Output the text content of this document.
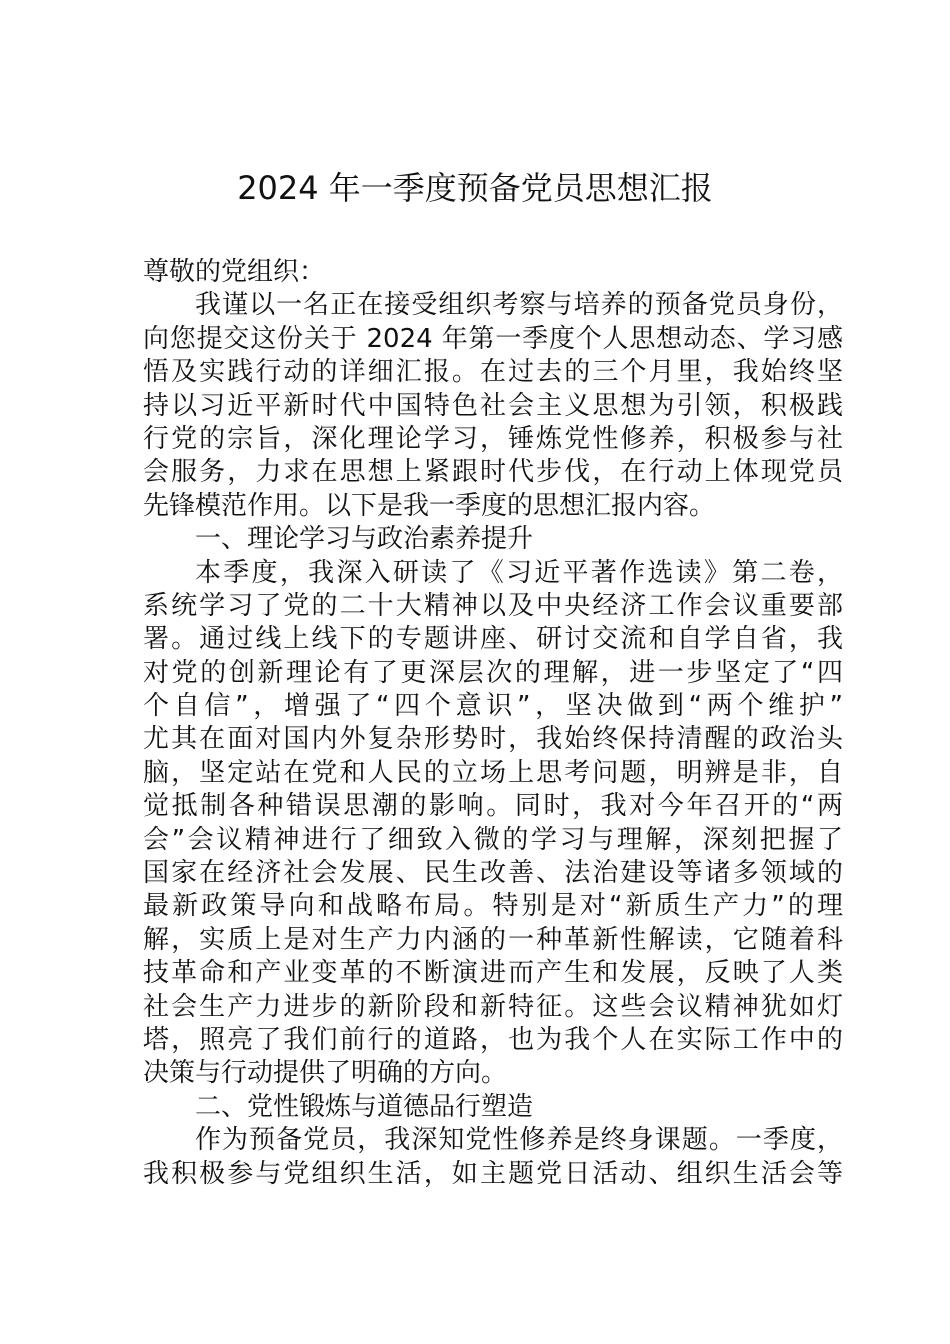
2024 年一季度预备党员思想汇报
尊敬的党组织：
我谨以一名正在接受组织考察与培养的预备党员身份，
向您提交这份关于 2024 年第一季度个人思想动态、学习感
悟及实践行动的详细汇报。在过去的三个月里，我始终坚
持以习近平新时代中国特色社会主义思想为引领，积极践
行党的宗旨，深化理论学习，锤炼党性修养，积极参与社
会服务，力求在思想上紧跟时代步伐，在行动上体现党员
先锋模范作用。以下是我一季度的思想汇报内容。
一、理论学习与政治素养提升
本季度，我深入研读了《习近平著作选读》第二卷，
系统学习了党的二十大精神以及中央经济工作会议重要部
署。通过线上线下的专题讲座、研讨交流和自学自省，我
对党的创新理论有了更深层次的理解，进一步坚定了“四
个自信”，增强了“四个意识”，坚决做到“两个维护”
尤其在面对国内外复杂形势时，我始终保持清醒的政治头
脑，坚定站在党和人民的立场上思考问题，明辨是非，自
觉抵制各种错误思潮的影响。同时，我对今年召开的“两
会”会议精神进行了细致入微的学习与理解，深刻把握了
国家在经济社会发展、民生改善、法治建设等诸多领域的
最新政策导向和战略布局。特别是对“新质生产力”的理
解，实质上是对生产力内涵的一种革新性解读，它随着科
技革命和产业变革的不断演进而产生和发展，反映了人类
社会生产力进步的新阶段和新特征。这些会议精神犹如灯
塔，照亮了我们前行的道路，也为我个人在实际工作中的
决策与行动提供了明确的方向。
二、党性锻炼与道德品行塑造
作为预备党员，我深知党性修养是终身课题。一季度，
我积极参与党组织生活，如主题党日活动、组织生活会等
